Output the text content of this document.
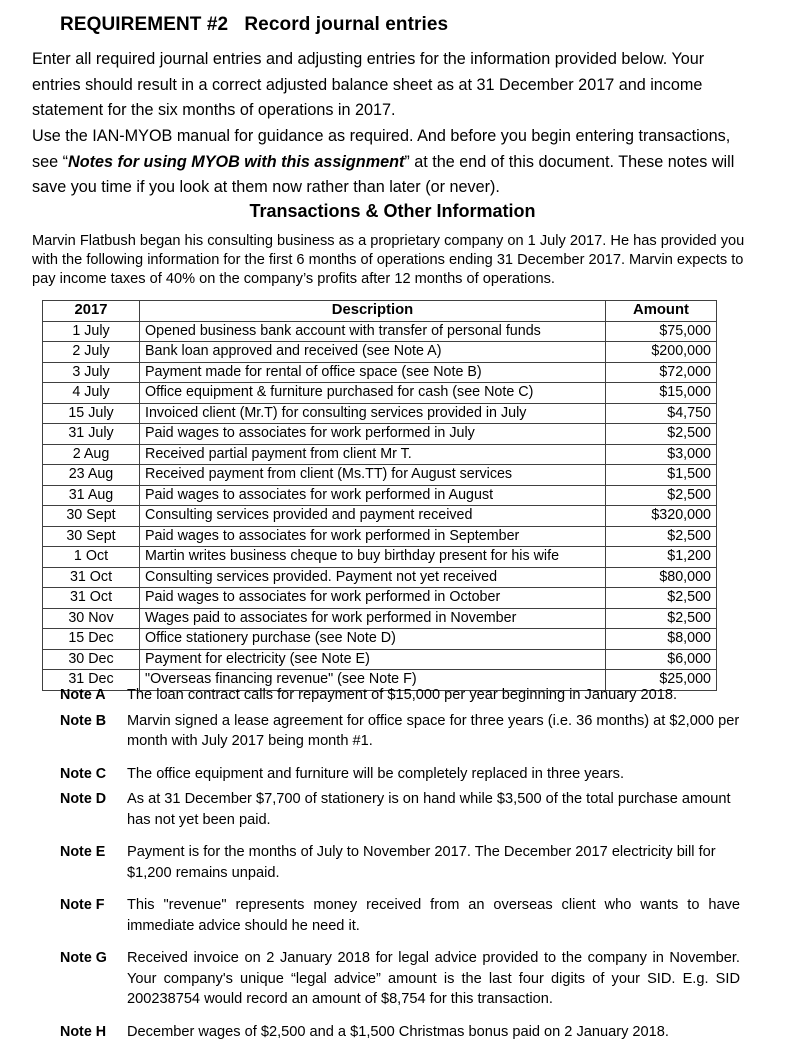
REQUIREMENT #2   Record journal entries
Enter all required journal entries and adjusting entries for the information provided below. Your entries should result in a correct adjusted balance sheet as at 31 December 2017 and income statement for the six months of operations in 2017.
Use the IAN-MYOB manual for guidance as required. And before you begin entering transactions, see “Notes for using MYOB with this assignment” at the end of this document. These notes will save you time if you look at them now rather than later (or never).
Transactions & Other Information
Marvin Flatbush began his consulting business as a proprietary company on 1 July 2017. He has provided you with the following information for the first 6 months of operations ending 31 December 2017. Marvin expects to pay income taxes of 40% on the company’s profits after 12 months of operations.
2017	Description	Amount
1 July	Opened business bank account with transfer of personal funds	$75,000
2 July	Bank loan approved and received (see Note A)	$200,000
3 July	Payment made for rental of office space (see Note B)	$72,000
4 July	Office equipment & furniture purchased for cash (see Note C)	$15,000
15 July	Invoiced client (Mr.T) for consulting services provided in July	$4,750
31 July	Paid wages to associates for work performed in July	$2,500
2 Aug	Received partial payment from client Mr T.	$3,000
23 Aug	Received payment from client (Ms.TT) for August services	$1,500
31 Aug	Paid wages to associates for work performed in August	$2,500
30 Sept	Consulting services provided and payment received	$320,000
30 Sept	Paid wages to associates for work performed in September	$2,500
1 Oct	Martin writes business cheque to buy birthday present for his wife	$1,200
31 Oct	Consulting services provided. Payment not yet received	$80,000
31 Oct	Paid wages to associates for work performed in October	$2,500
30 Nov	Wages paid to associates for work performed in November	$2,500
15 Dec	Office stationery purchase (see Note D)	$8,000
30 Dec	Payment for electricity (see Note E)	$6,000
31 Dec	"Overseas financing revenue" (see Note F)	$25,000
Note A	The loan contract calls for repayment of $15,000 per year beginning in January 2018.
Note B	Marvin signed a lease agreement for office space for three years (i.e. 36 months) at $2,000 per month with July 2017 being month #1.
Note C	The office equipment and furniture will be completely replaced in three years.
Note D	As at 31 December $7,700 of stationery is on hand while $3,500 of the total purchase amount has not yet been paid.
Note E	Payment is for the months of July to November 2017. The December 2017 electricity bill for $1,200 remains unpaid.
Note F	This "revenue" represents money received from an overseas client who wants to have immediate advice should he need it.
Note G	Received invoice on 2 January 2018 for legal advice provided to the company in November. Your company's unique “legal advice” amount is the last four digits of your SID. E.g. SID 200238754 would record an amount of $8,754 for this transaction.
Note H	December wages of $2,500 and a $1,500 Christmas bonus paid on 2 January 2018.
